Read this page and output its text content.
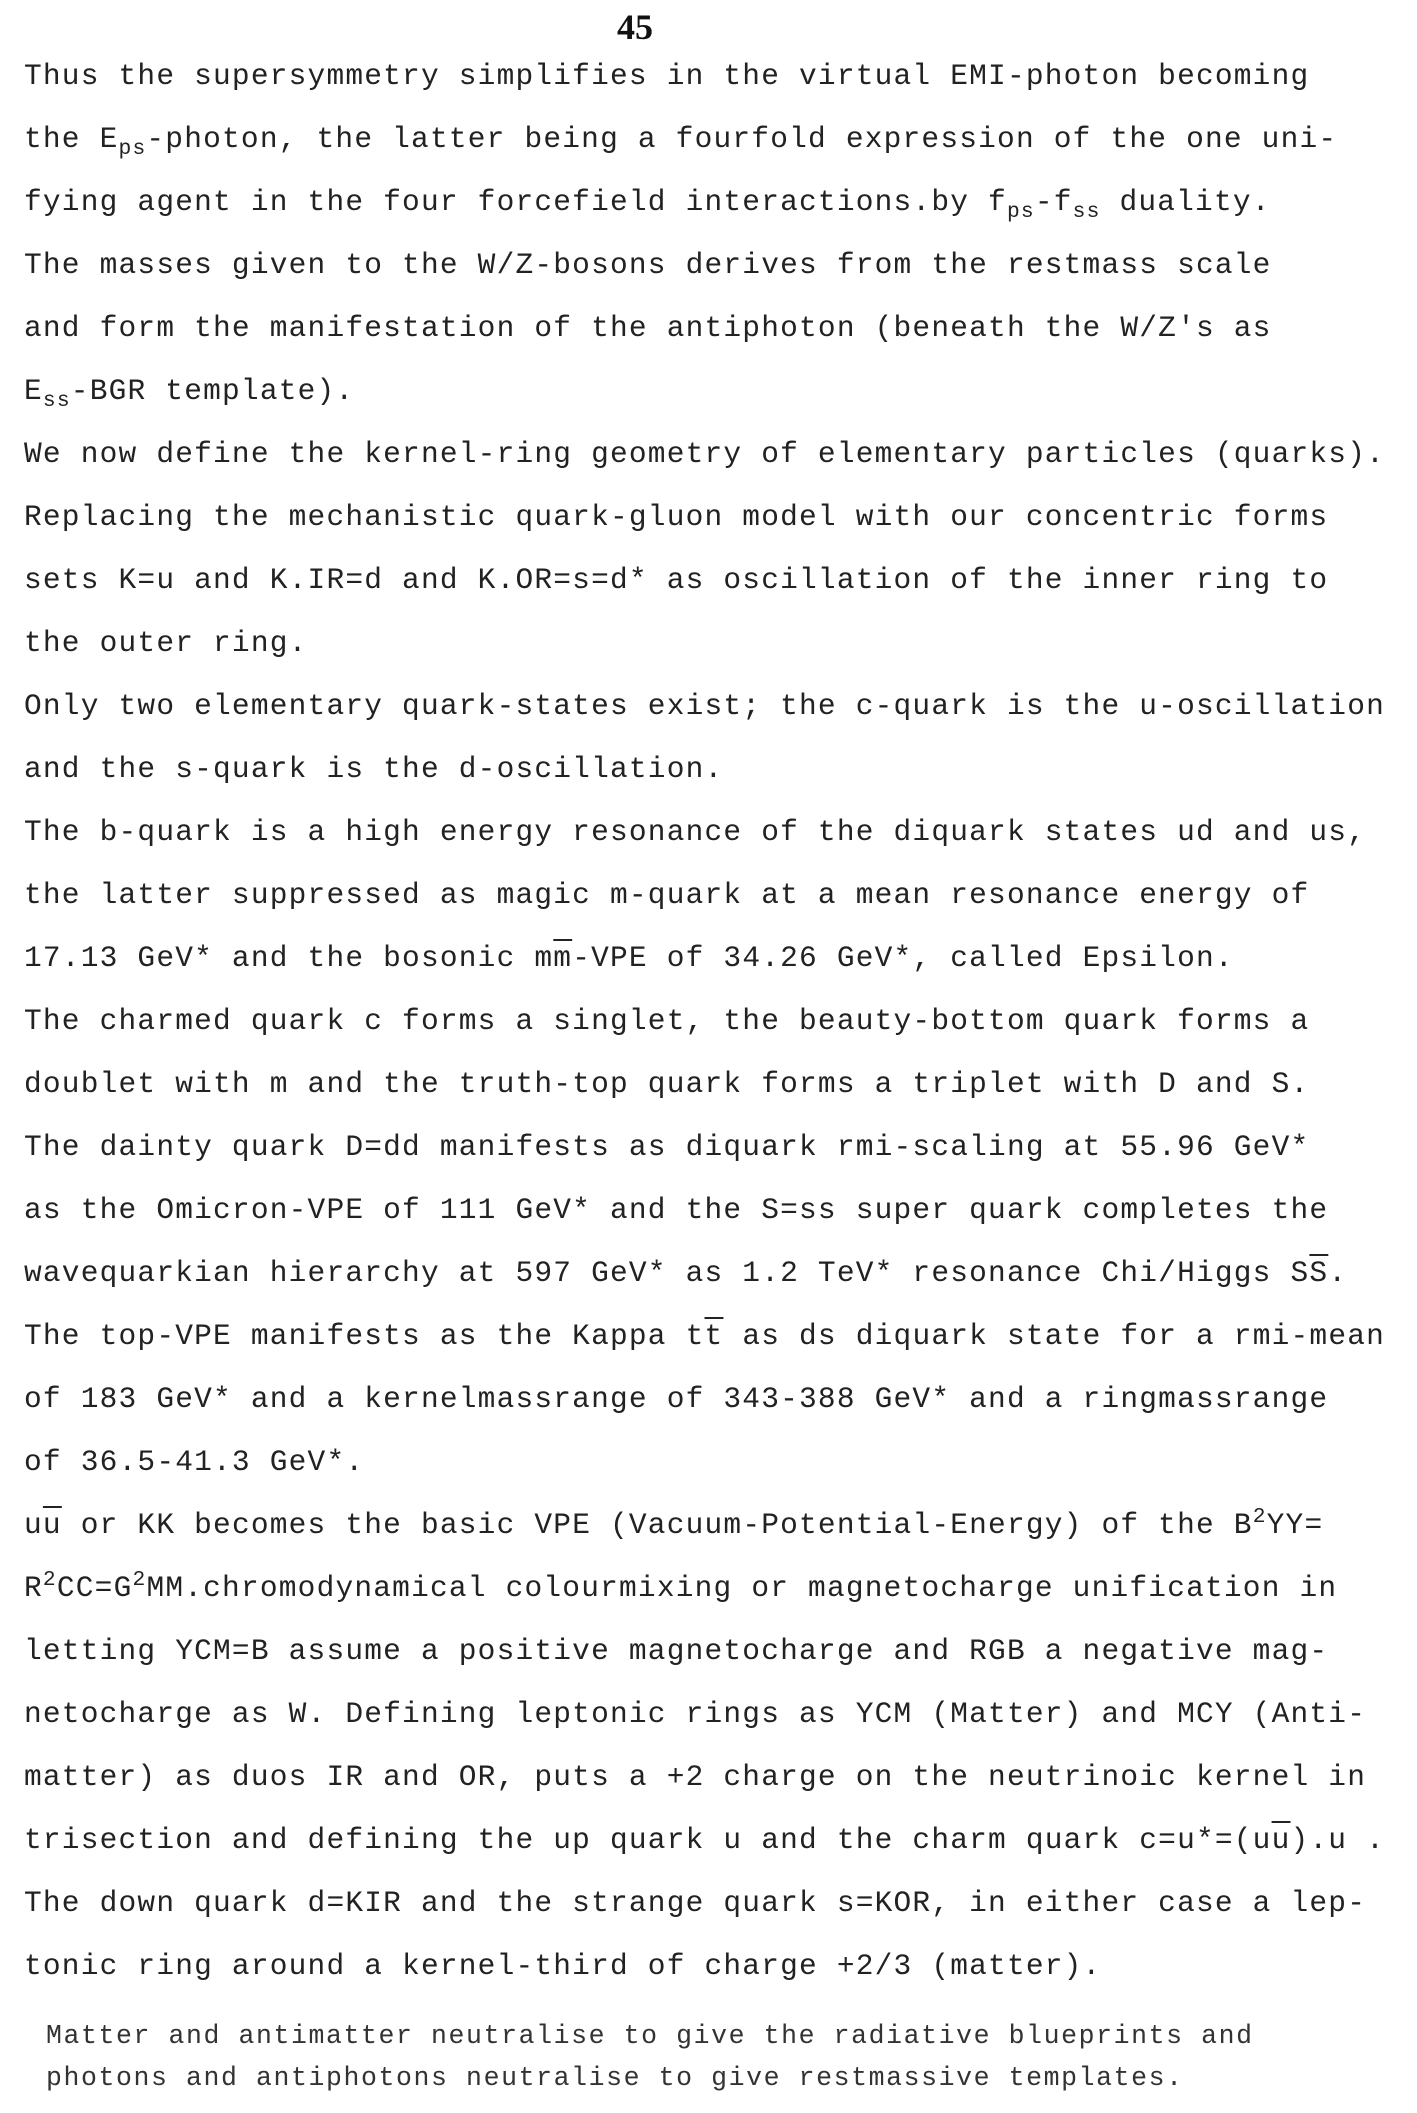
45
Thus the supersymmetry simplifies in the virtual EMI-photon becoming
the $E_{ps}$-photon, the latter being a fourfold expression of the one uni-
fying agent in the four forcefield interactions.by $f_{ps}-f_{ss}$ duality.
The masses given to the W/Z-bosons derives from the restmass scale
and form the manifestation of the antiphoton (beneath the W/Z's as
$E_{ss}$-BGR template).
We now define the kernel-ring geometry of elementary particles (quarks).
Replacing the mechanistic quark-gluon model with our concentric forms
sets K=u and K.IR=d and K.OR=s=d* as oscillation of the inner ring to
the outer ring.
Only two elementary quark-states exist; the c-quark is the u-oscillation
and the s-quark is the d-oscillation.
The b-quark is a high energy resonance of the diquark states ud and us,
the latter suppressed as magic m-quark at a mean resonance energy of
17.13 GeV* and the bosonic $m\overline{m}$-VPE of 34.26 GeV*, called Epsilon.
The charmed quark c forms a singlet, the beauty-bottom quark forms a
doublet with m and the truth-top quark forms a triplet with D and S.
The dainty quark D=dd manifests as diquark rmi-scaling at 55.96 GeV*
as the Omicron-VPE of 111 GeV* and the S=ss super quark completes the
wavequarkian hierarchy at 597 GeV* as 1.2 TeV* resonance Chi/Higgs $S\overline{S}$.
The top-VPE manifests as the Kappa $t\overline{t}$ as ds diquark state for a rmi-mean
of 183 GeV* and a kernelmassrange of 343-388 GeV* and a ringmassrange
of 36.5-41.3 GeV*.
$u\overline{u}$ or KK becomes the basic VPE (Vacuum-Potential-Energy) of the $B^2YY=$
$R^2CC=G^2MM.chromodynamical$ colourmixing or magnetocharge unification in
letting YCM=B assume a positive magnetocharge and RGB a negative mag-
netocharge as W. Defining leptonic rings as YCM (Matter) and MCY (Anti-
matter) as duos IR and OR, puts a +2 charge on the neutrinoic kernel in
trisection and defining the up quark u and the charm quark $c=u*=(u\overline{u}).u$ .
The down quark d=KIR and the strange quark s=KOR, in either case a lep-
tonic ring around a kernel-third of charge +2/3 (matter).
Matter and antimatter neutralise to give the radiative blueprints and
photons and antiphotons neutralise to give restmassive templates.
